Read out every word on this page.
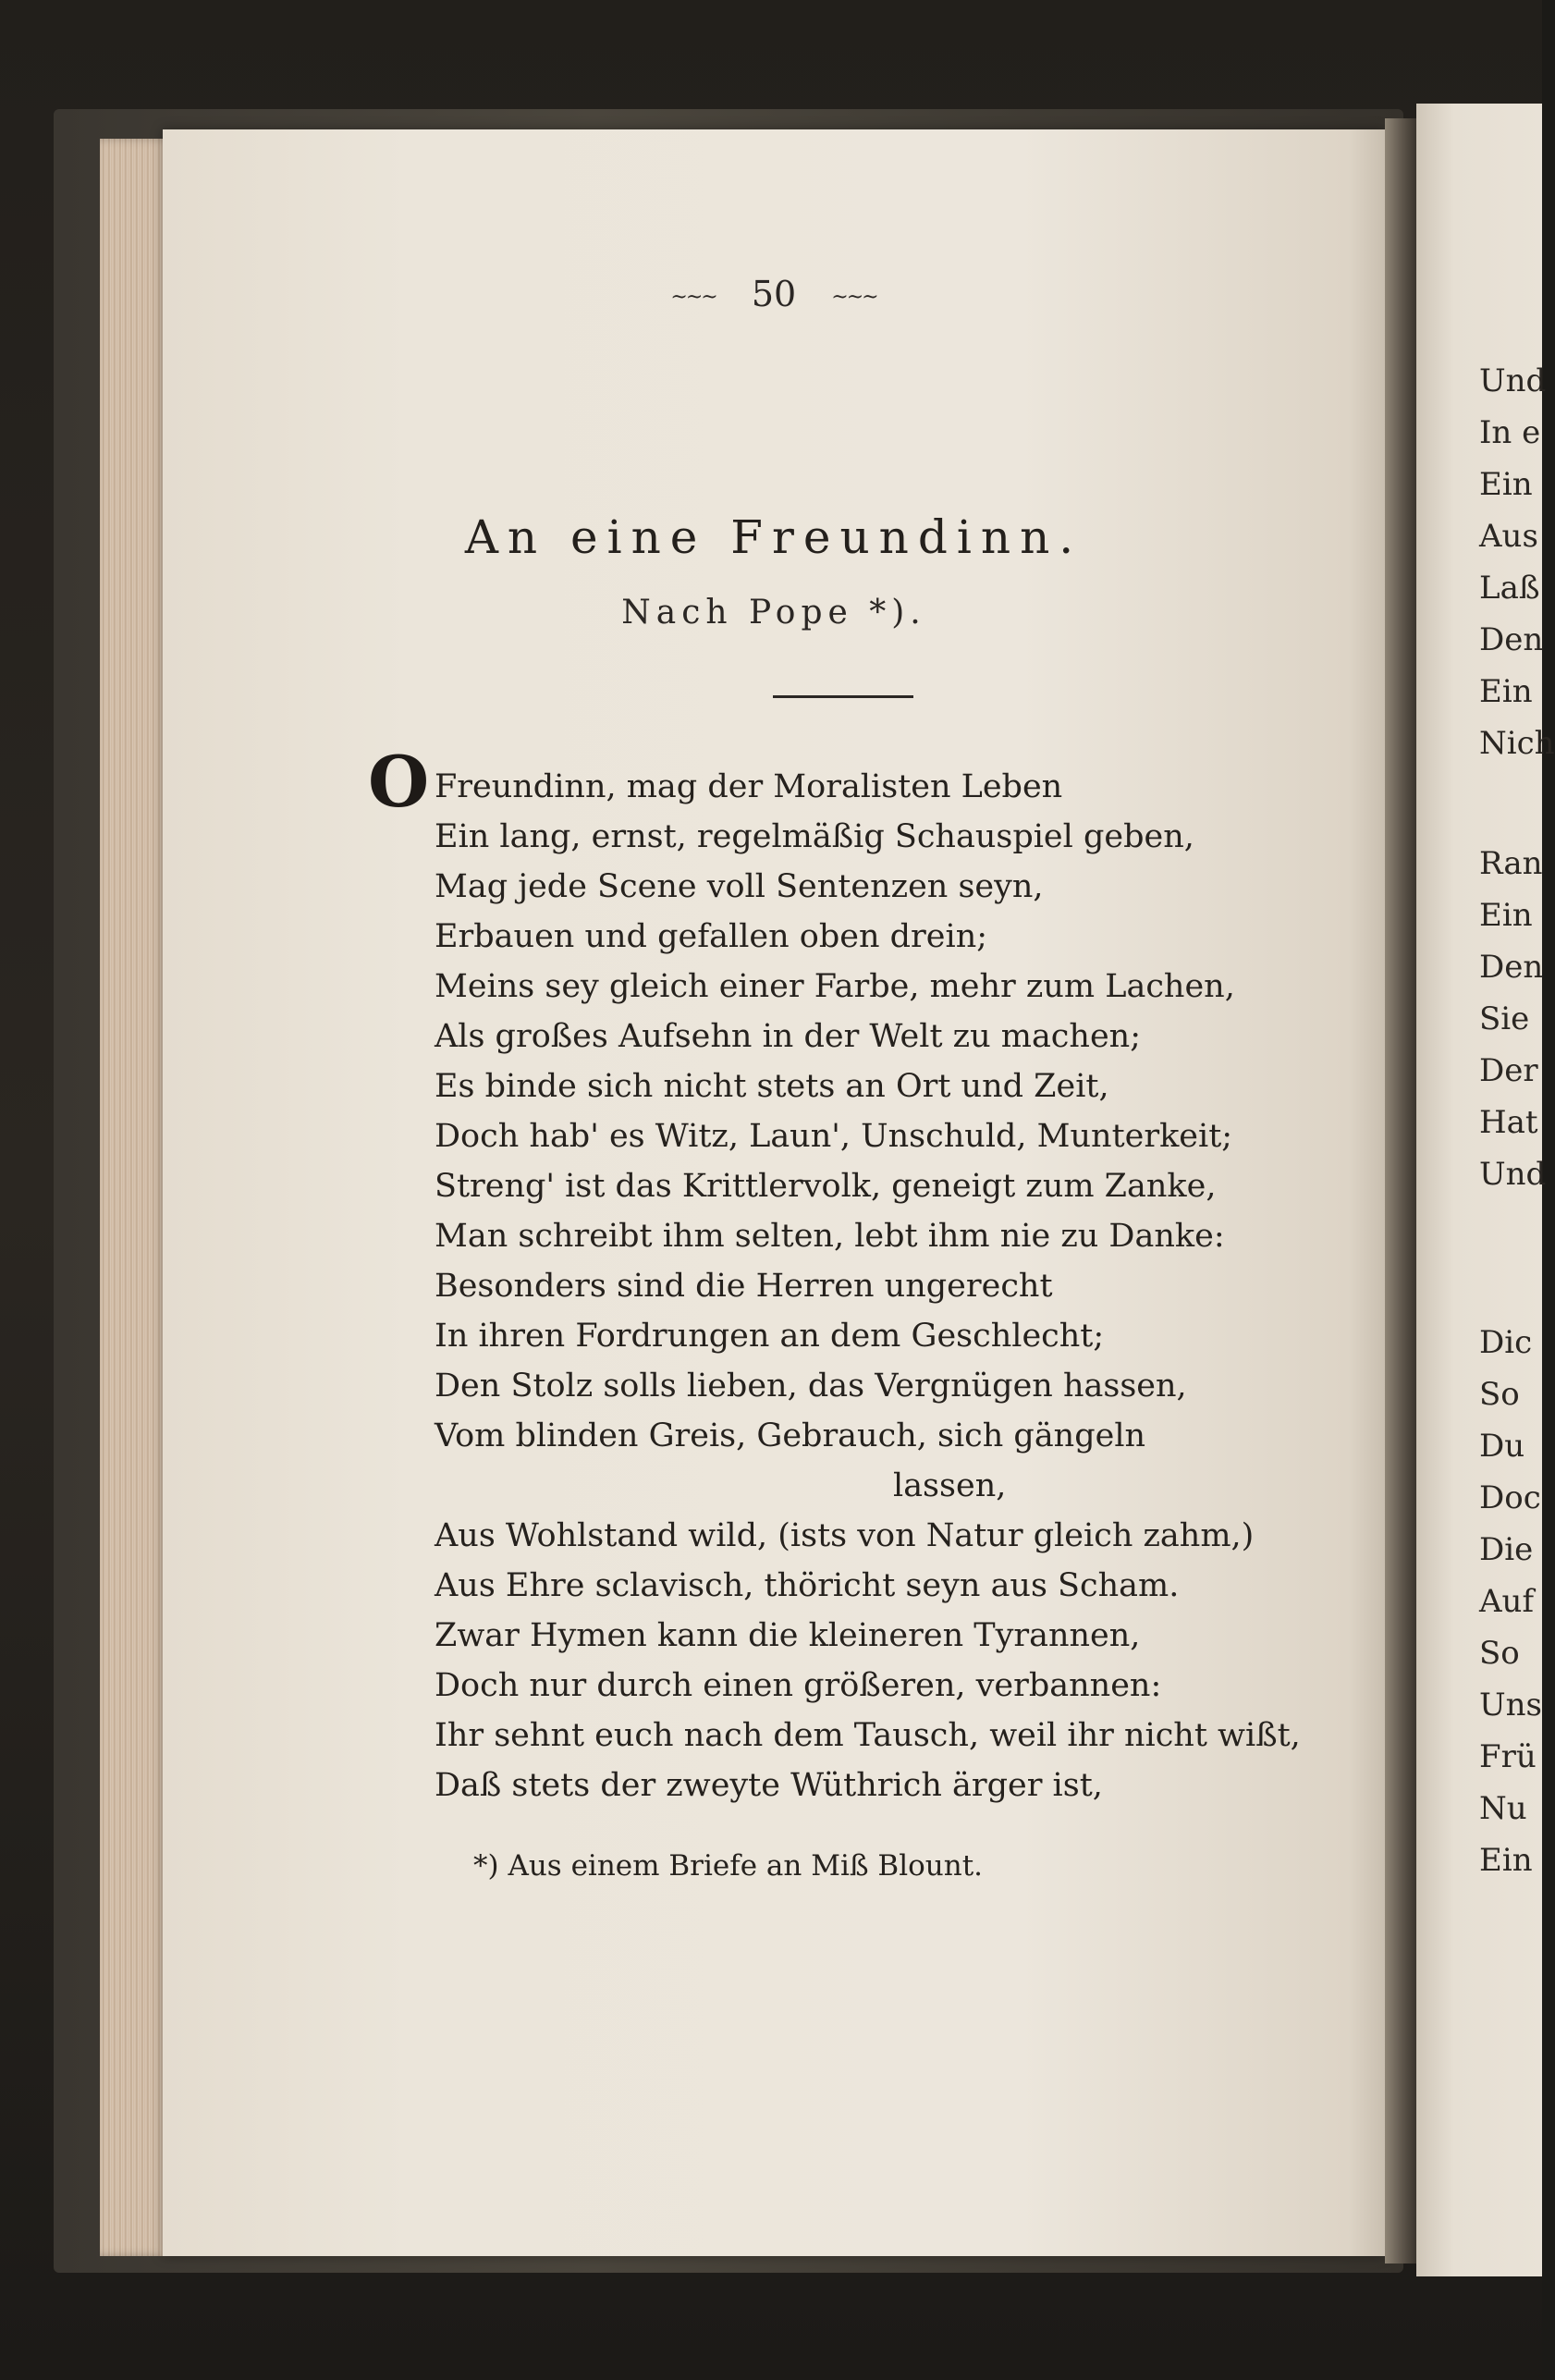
Und
In e
Ein
Aus
Laß
Den
Ein
Nich
Ran
Ein
Den
Sie
Der
Hat
Und
Dic
So
Du
Doc
Die
Auf
So
Uns
Frü
Nu
Ein
~~~ 50 ~~~
An eine Freundinn.
Nach Pope *).
O Freundinn, mag der Moralisten Leben
Ein lang, ernst, regelmäßig Schauspiel geben,
Mag jede Scene voll Sentenzen seyn,
Erbauen und gefallen oben drein;
Meins sey gleich einer Farbe, mehr zum Lachen,
Als großes Aufsehn in der Welt zu machen;
Es binde sich nicht stets an Ort und Zeit,
Doch hab' es Witz, Laun', Unschuld, Munterkeit;
Streng' ist das Krittlervolk, geneigt zum Zanke,
Man schreibt ihm selten, lebt ihm nie zu Danke:
Besonders sind die Herren ungerecht
In ihren Fordrungen an dem Geschlecht;
Den Stolz solls lieben, das Vergnügen hassen,
Vom blinden Greis, Gebrauch, sich gängeln
lassen,
Aus Wohlstand wild, (ists von Natur gleich zahm,)
Aus Ehre sclavisch, thöricht seyn aus Scham.
Zwar Hymen kann die kleineren Tyrannen,
Doch nur durch einen größeren, verbannen:
Ihr sehnt euch nach dem Tausch, weil ihr nicht wißt,
Daß stets der zweyte Wüthrich ärger ist,
*) Aus einem Briefe an Miß Blount.
